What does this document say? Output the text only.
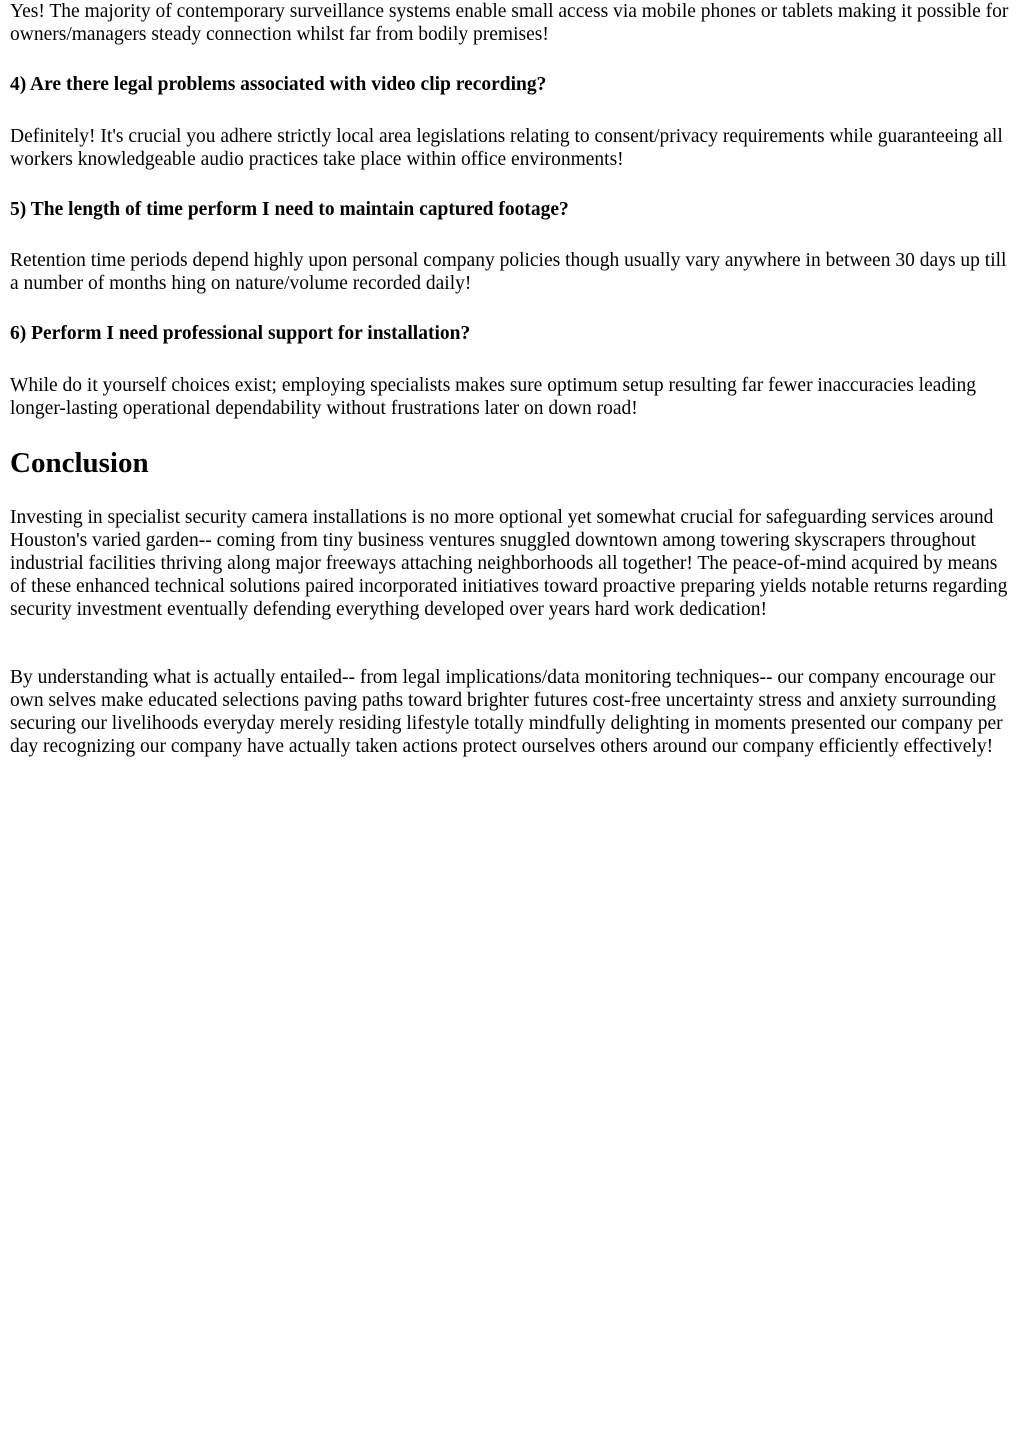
Yes! The majority of contemporary surveillance systems enable small access via mobile phones or tablets making it possible for owners/managers steady connection whilst far from bodily premises!

4) Are there legal problems associated with video clip recording?

Definitely! It's crucial you adhere strictly local area legislations relating to consent/privacy requirements while guaranteeing all workers knowledgeable audio practices take place within office environments!

5) The length of time perform I need to maintain captured footage?

Retention time periods depend highly upon personal company policies though usually vary anywhere in between 30 days up till a number of months hing on nature/volume recorded daily!

6) Perform I need professional support for installation?

While do it yourself choices exist; employing specialists makes sure optimum setup resulting far fewer inaccuracies leading longer-lasting operational dependability without frustrations later on down road!

Conclusion

Investing in specialist security camera installations is no more optional yet somewhat crucial for safeguarding services around Houston's varied garden-- coming from tiny business ventures snuggled downtown among towering skyscrapers throughout industrial facilities thriving along major freeways attaching neighborhoods all together! The peace-of-mind acquired by means of these enhanced technical solutions paired incorporated initiatives toward proactive preparing yields notable returns regarding security investment eventually defending everything developed over years hard work dedication!

By understanding what is actually entailed-- from legal implications/data monitoring techniques-- our company encourage our own selves make educated selections paving paths toward brighter futures cost-free uncertainty stress and anxiety surrounding securing our livelihoods everyday merely residing lifestyle totally mindfully delighting in moments presented our company per day recognizing our company have actually taken actions protect ourselves others around our company efficiently effectively!
